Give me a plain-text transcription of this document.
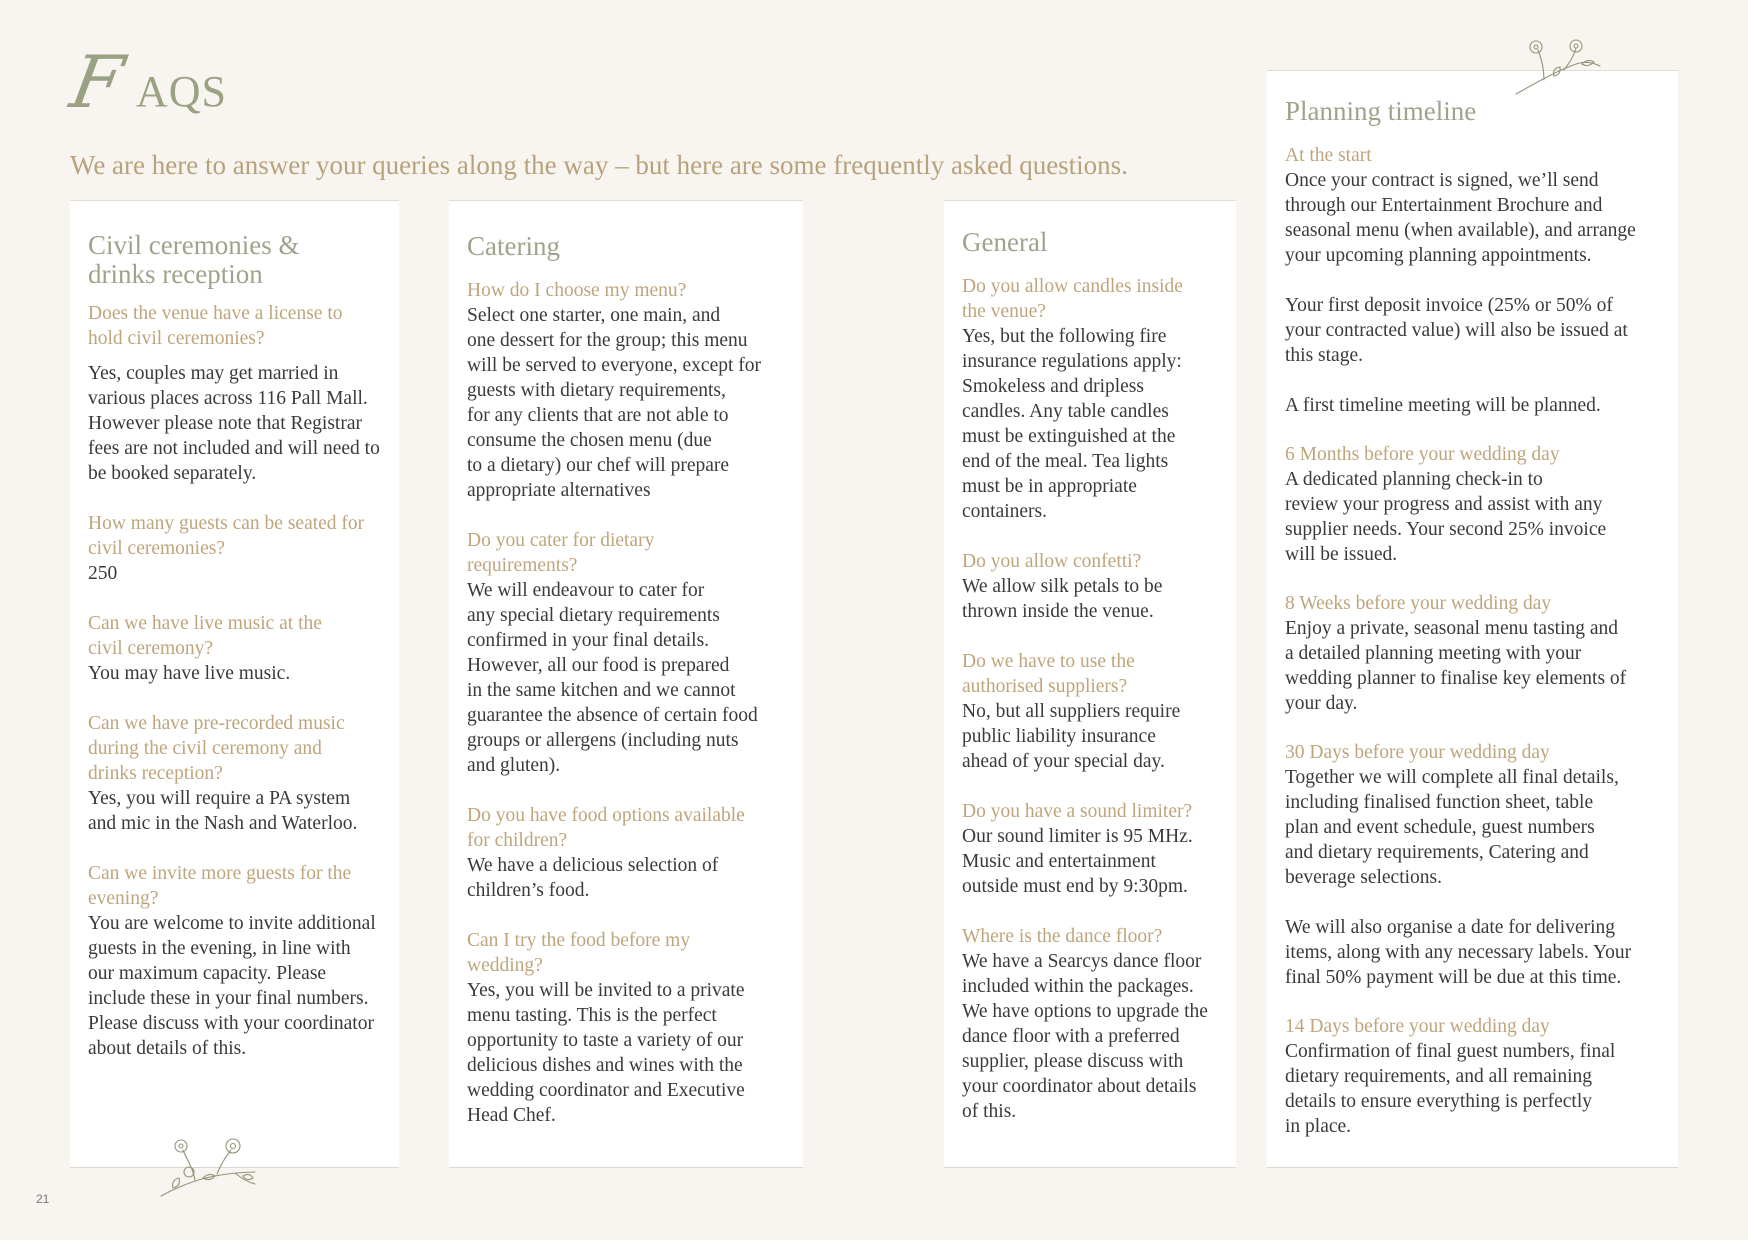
F AQS
We are here to answer your queries along the way – but here are some frequently asked questions.
Civil ceremonies &
drinks reception

Does the venue have a license to
hold civil ceremonies?

Yes, couples may get married in
various places across 116 Pall Mall.
However please note that Registrar
fees are not included and will need to
be booked separately.

How many guests can be seated for
civil ceremonies?

250

Can we have live music at the
civil ceremony?

You may have live music.

Can we have pre-recorded music
during the civil ceremony and
drinks reception?

Yes, you will require a PA system
and mic in the Nash and Waterloo.

Can we invite more guests for the
evening?

You are welcome to invite additional
guests in the evening, in line with
our maximum capacity. Please
include these in your final numbers.
Please discuss with your coordinator
about details of this.

Catering

How do I choose my menu?

Select one starter, one main, and
one dessert for the group; this menu
will be served to everyone, except for
guests with dietary requirements,
for any clients that are not able to
consume the chosen menu (due
to a dietary) our chef will prepare
appropriate alternatives

Do you cater for dietary
requirements?

We will endeavour to cater for
any special dietary requirements
confirmed in your final details.
However, all our food is prepared
in the same kitchen and we cannot
guarantee the absence of certain food
groups or allergens (including nuts
and gluten).

Do you have food options available
for children?

We have a delicious selection of
children’s food.

Can I try the food before my
wedding?

Yes, you will be invited to a private
menu tasting. This is the perfect
opportunity to taste a variety of our
delicious dishes and wines with the
wedding coordinator and Executive
Head Chef.

General

Do you allow candles inside
the venue?

Yes, but the following fire
insurance regulations apply:
Smokeless and dripless
candles. Any table candles
must be extinguished at the
end of the meal. Tea lights
must be in appropriate
containers.

Do you allow confetti?

We allow silk petals to be
thrown inside the venue.

Do we have to use the
authorised suppliers?

No, but all suppliers require
public liability insurance
ahead of your special day.

Do you have a sound limiter?

Our sound limiter is 95 MHz.
Music and entertainment
outside must end by 9:30pm.

Where is the dance floor?

We have a Searcys dance floor
included within the packages.
We have options to upgrade the
dance floor with a preferred
supplier, please discuss with
your coordinator about details
of this.

Planning timeline

At the start

Once your contract is signed, we’ll send
through our Entertainment Brochure and
seasonal menu (when available), and arrange
your upcoming planning appointments.

Your first deposit invoice (25% or 50% of
your contracted value) will also be issued at
this stage.

A first timeline meeting will be planned.

6 Months before your wedding day

A dedicated planning check-in to
review your progress and assist with any
supplier needs. Your second 25% invoice
will be issued.

8 Weeks before your wedding day

Enjoy a private, seasonal menu tasting and
a detailed planning meeting with your
wedding planner to finalise key elements of
your day.

30 Days before your wedding day

Together we will complete all final details,
including finalised function sheet, table
plan and event schedule, guest numbers
and dietary requirements, Catering and
beverage selections.

We will also organise a date for delivering
items, along with any necessary labels. Your
final 50% payment will be due at this time.

14 Days before your wedding day

Confirmation of final guest numbers, final
dietary requirements, and all remaining
details to ensure everything is perfectly
in place.

21
